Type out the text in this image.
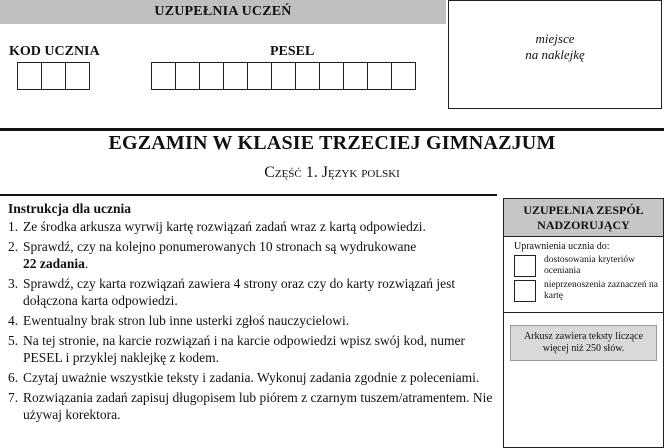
UZUPEŁNIA UCZEŃ
KOD UCZNIA	PESEL
miejsce
na naklejkę
EGZAMIN W KLASIE TRZECIEJ GIMNAZJUM
Część 1. Język polski
Instrukcja dla ucznia
1. Ze środka arkusza wyrwij kartę rozwiązań zadań wraz z kartą odpowiedzi.
2. Sprawdź, czy na kolejno ponumerowanych 10 stronach są wydrukowane
22 zadania.
3. Sprawdź, czy karta rozwiązań zawiera 4 strony oraz czy do karty rozwiązań jest dołączona karta odpowiedzi.
4. Ewentualny brak stron lub inne usterki zgłoś nauczycielowi.
5. Na tej stronie, na karcie rozwiązań i na karcie odpowiedzi wpisz swój kod, numer PESEL i przyklej naklejkę z kodem.
6. Czytaj uważnie wszystkie teksty i zadania. Wykonuj zadania zgodnie z poleceniami.
7. Rozwiązania zadań zapisuj długopisem lub piórem z czarnym tuszem/atramentem. Nie używaj korektora.
UZUPEŁNIA ZESPÓŁ NADZORUJĄCY
Uprawnienia ucznia do:
dostosowania kryteriów oceniania
nieprzenoszenia zaznaczeń na kartę
Arkusz zawiera teksty liczące więcej niż 250 słów.
